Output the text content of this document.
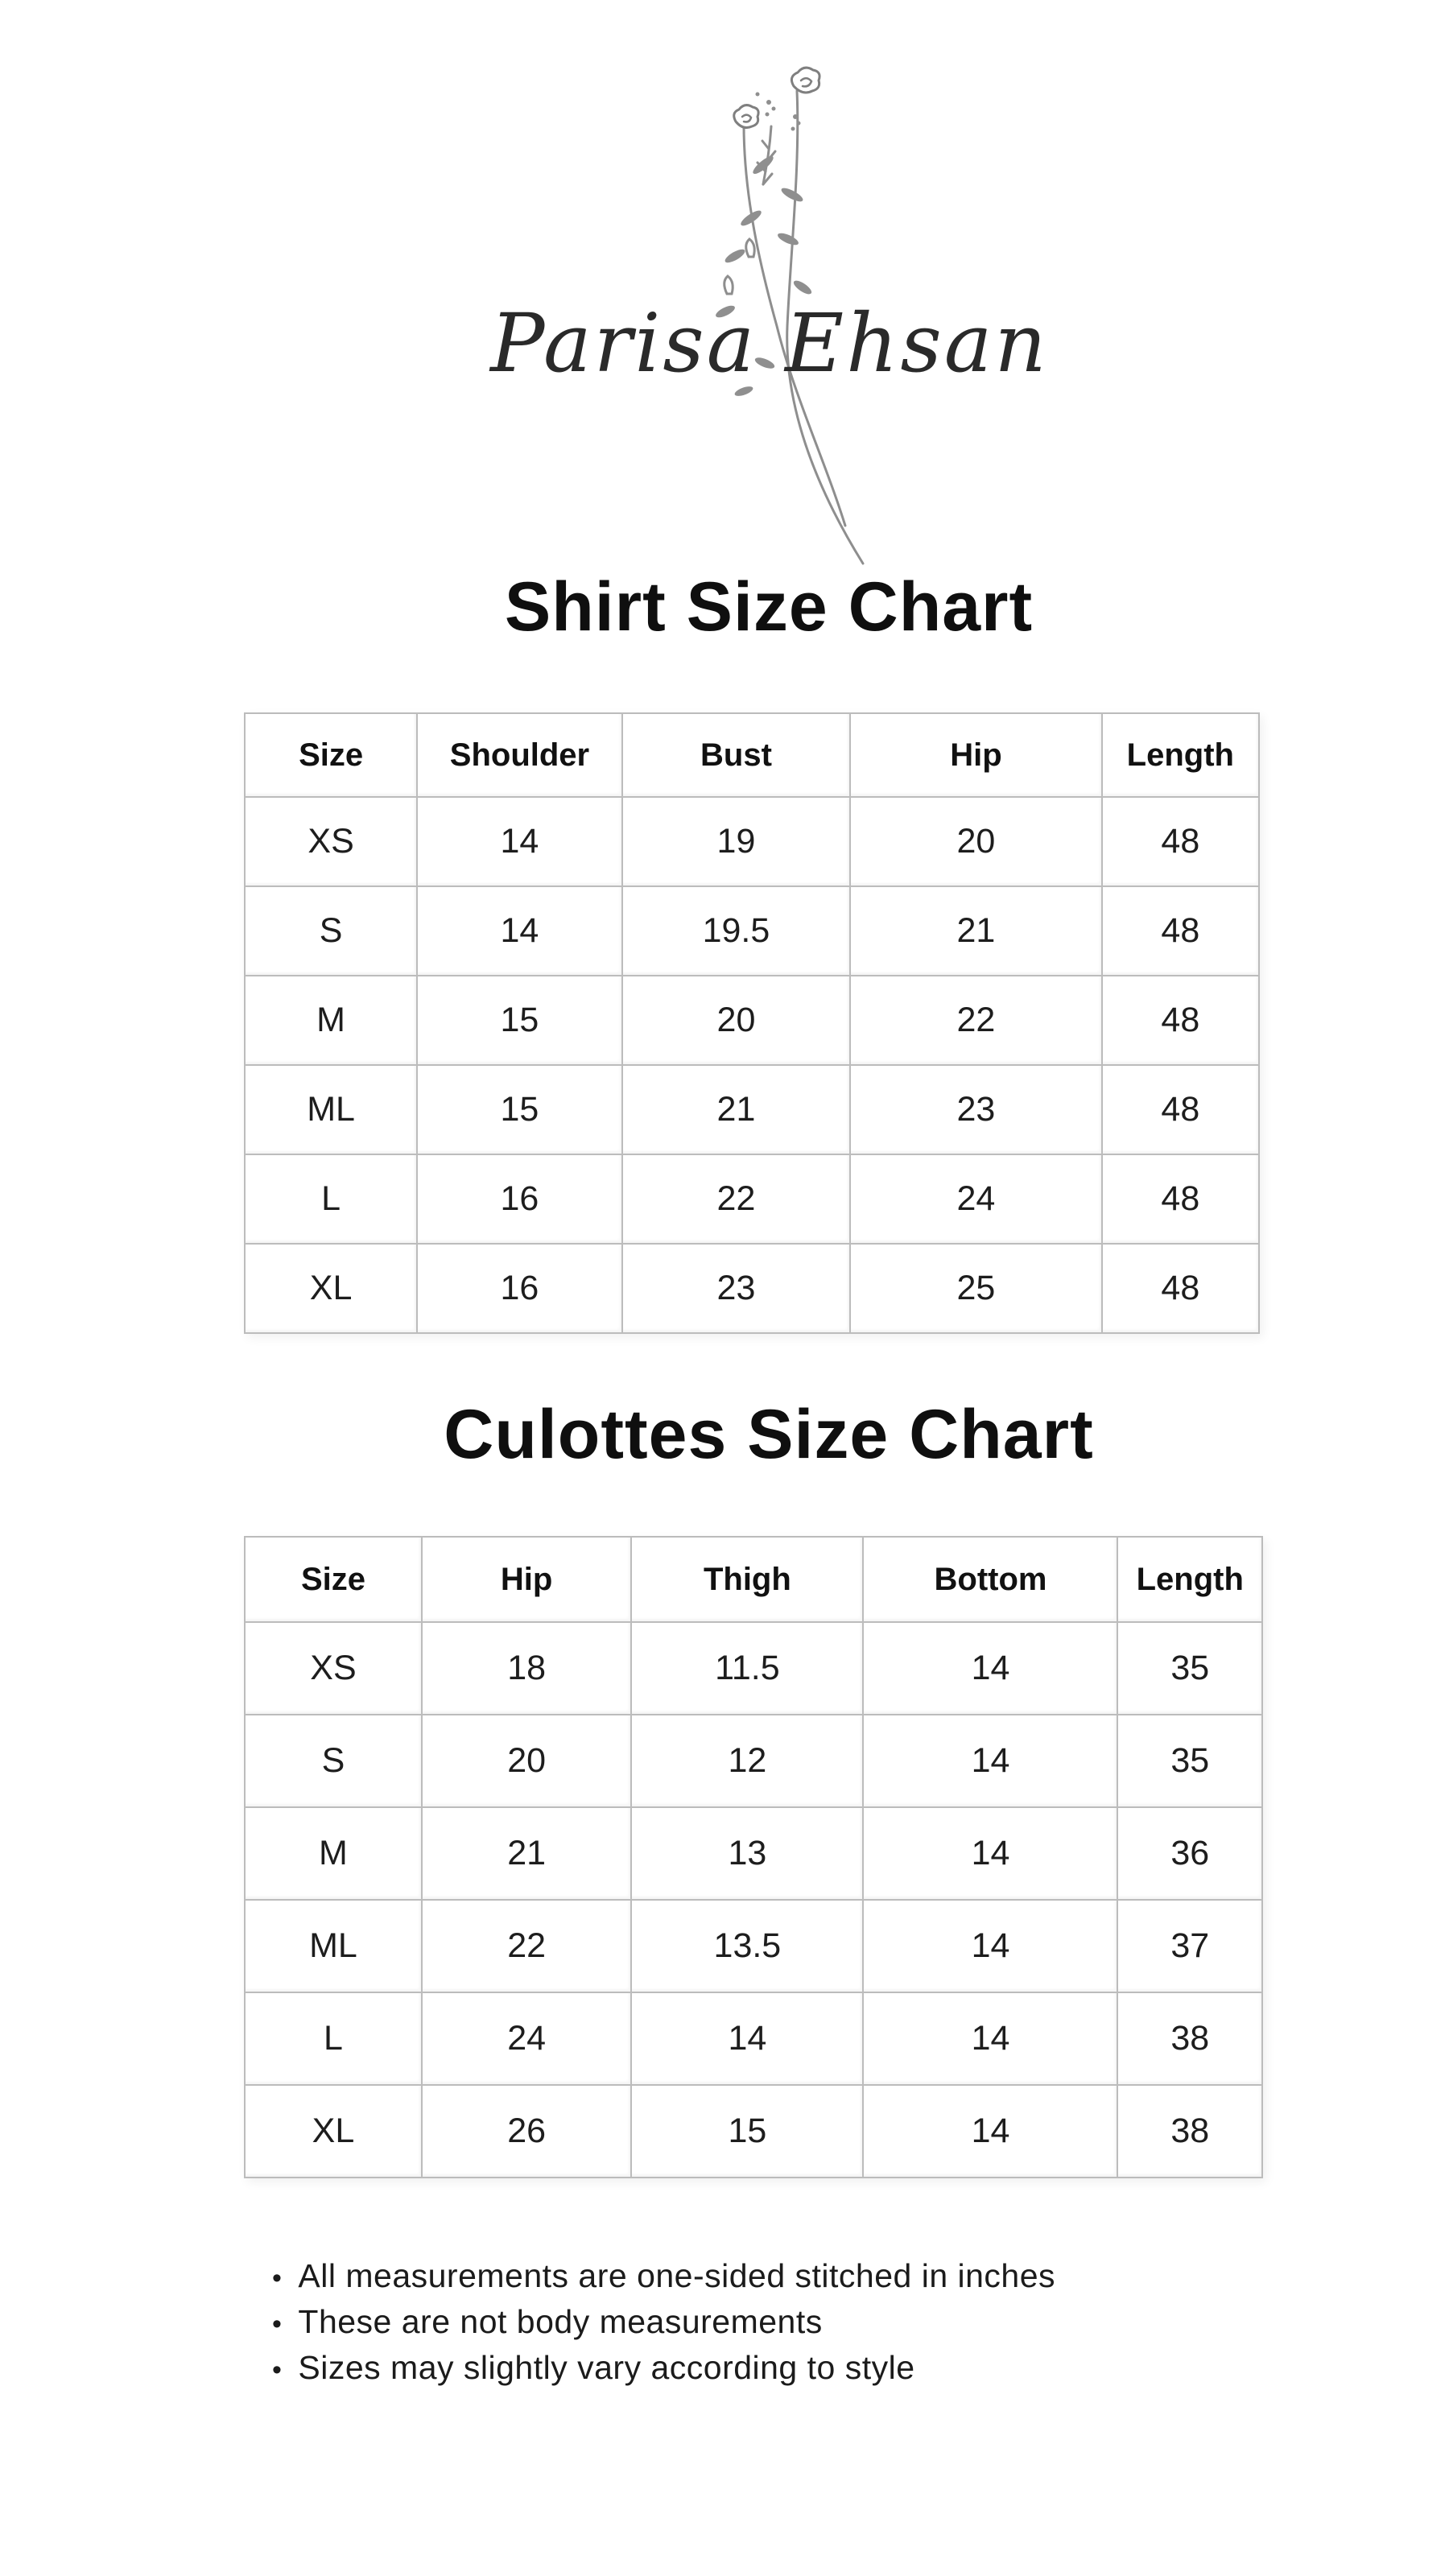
Parisa Ehsan
Shirt Size Chart
Size	Shoulder	Bust	Hip	Length
XS	14	19	20	48
S	14	19.5	21	48
M	15	20	22	48
ML	15	21	23	48
L	16	22	24	48
XL	16	23	25	48
Culottes Size Chart
Size	Hip	Thigh	Bottom	Length
XS	18	11.5	14	35
S	20	12	14	35
M	21	13	14	36
ML	22	13.5	14	37
L	24	14	14	38
XL	26	15	14	38
• All measurements are one-sided stitched in inches
• These are not body measurements
• Sizes may slightly vary according to style
